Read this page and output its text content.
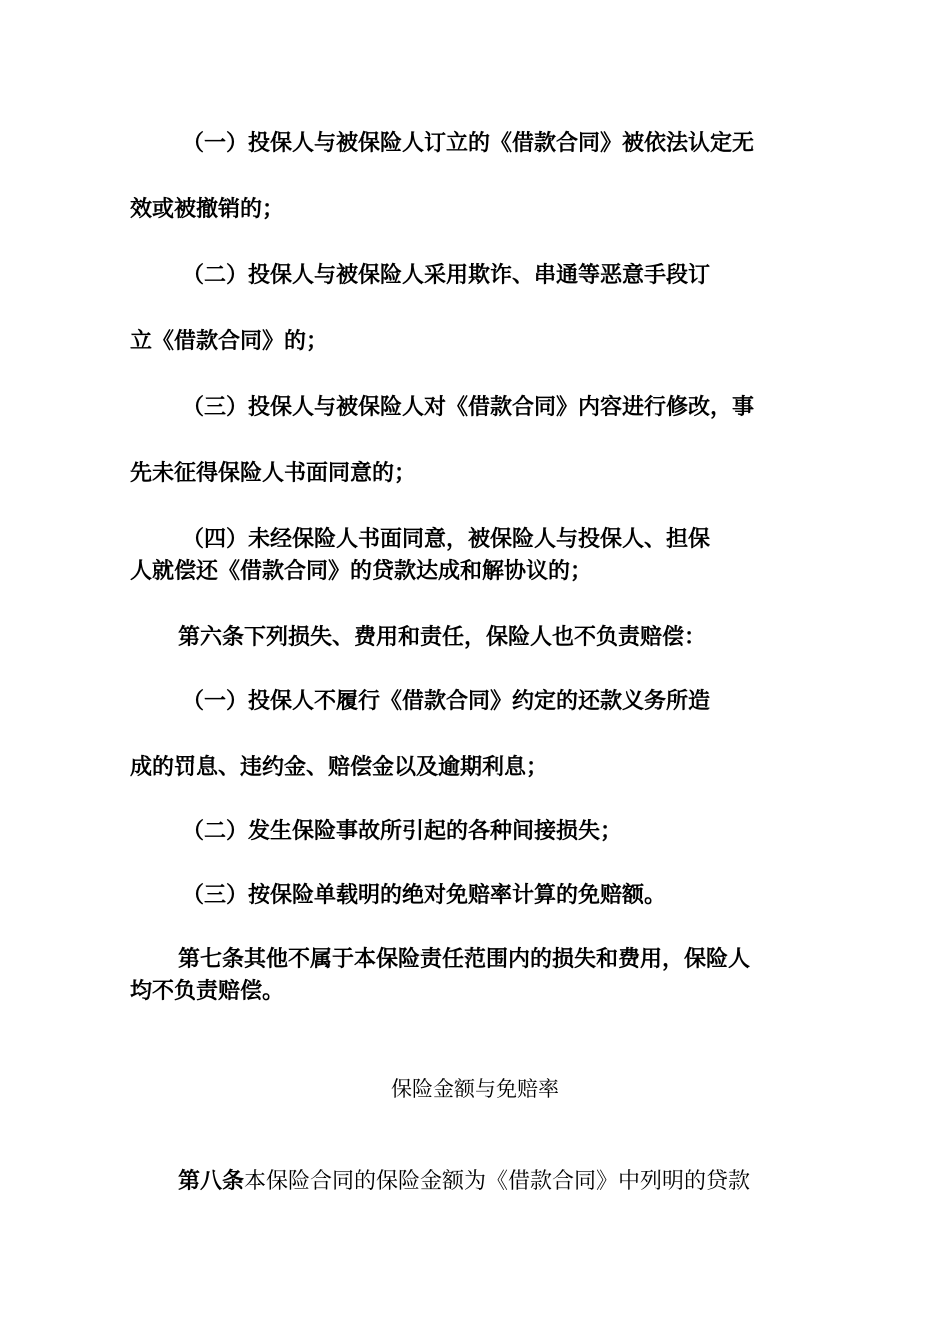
（一）投保人与被保险人订立的《借款合同》被依法认定无

效或被撤销的；

（二）投保人与被保险人采用欺诈、串通等恶意手段订

立《借款合同》的；

（三）投保人与被保险人对《借款合同》内容进行修改，事

先未征得保险人书面同意的；

（四）未经保险人书面同意，被保险人与投保人、担保

人就偿还《借款合同》的贷款达成和解协议的；

第六条下列损失、费用和责任，保险人也不负责赔偿：

（一）投保人不履行《借款合同》约定的还款义务所造

成的罚息、违约金、赔偿金以及逾期利息；

（二）发生保险事故所引起的各种间接损失；

（三）按保险单载明的绝对免赔率计算的免赔额。

第七条其他不属于本保险责任范围内的损失和费用，保险人

均不负责赔偿。

保险金额与免赔率

第八条本保险合同的保险金额为《借款合同》中列明的贷款
